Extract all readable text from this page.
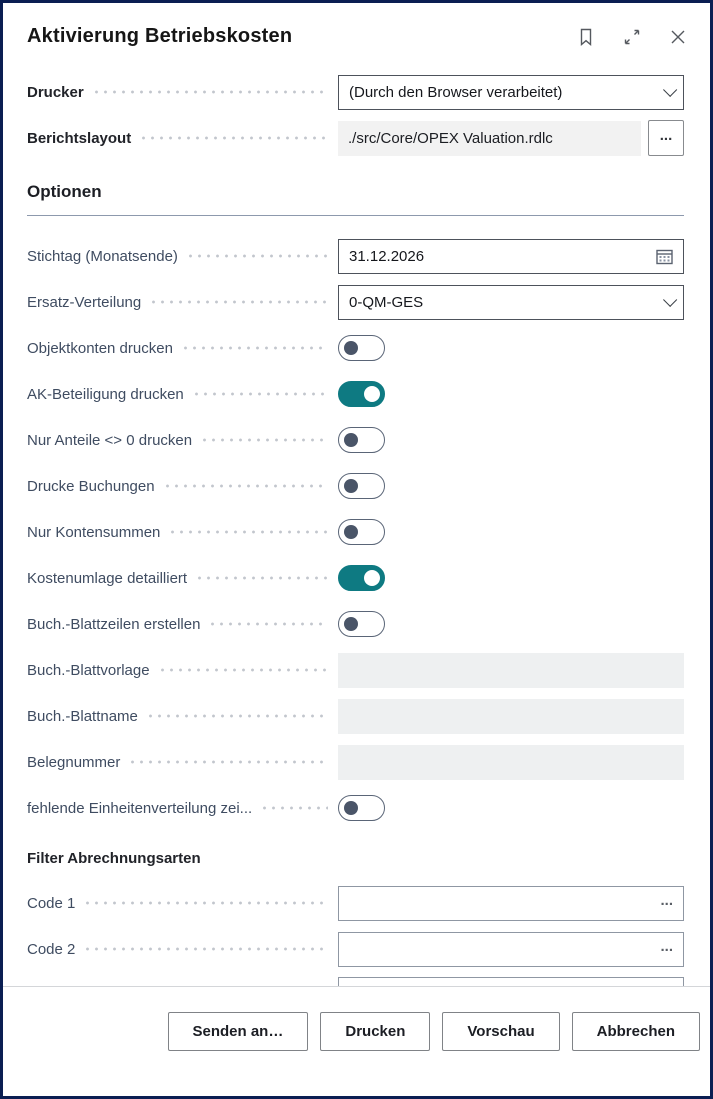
Aktivierung Betriebskosten
Drucker	(Durch den Browser verarbeitet)
Berichtslayout	./src/Core/OPEX Valuation.rdlc	...
Optionen
Stichtag (Monatsende)	31.12.2026
Ersatz-Verteilung	0-QM-GES
Objektkonten drucken
AK-Beteiligung drucken
Nur Anteile <> 0 drucken
Drucke Buchungen
Nur Kontensummen
Kostenumlage detailliert
Buch.-Blattzeilen erstellen
Buch.-Blattvorlage
Buch.-Blattname
Belegnummer
fehlende Einheitenverteilung zei...
Filter Abrechnungsarten
Code 1	...
Code 2	...
Senden an…	Drucken	Vorschau	Abbrechen
